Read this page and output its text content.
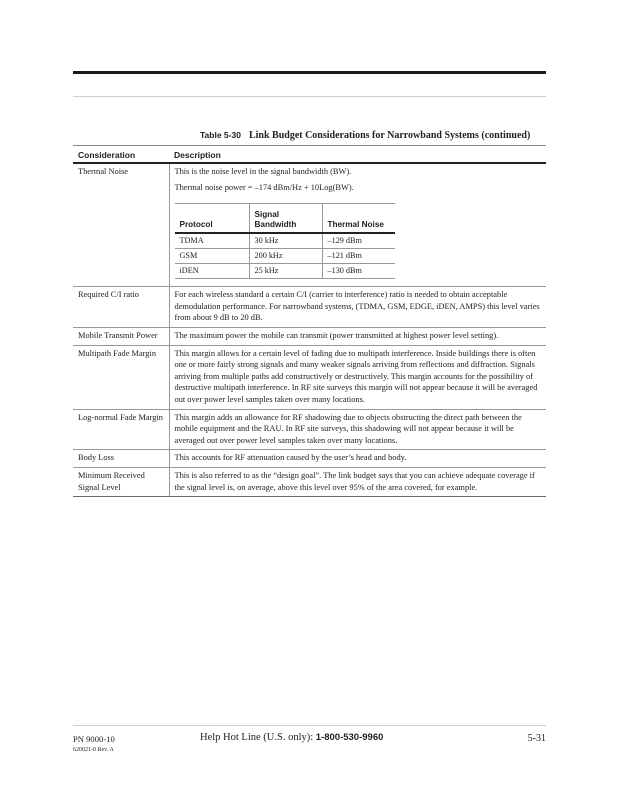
Table 5-30 Link Budget Considerations for Narrowband Systems (continued)
Consideration	Description
Thermal Noise	This is the noise level in the signal bandwidth (BW).
Thermal noise power = –174 dBm/Hz + 10Log(BW).
Protocol	Signal Bandwidth	Thermal Noise
TDMA	30 kHz	–129 dBm
GSM	200 kHz	–121 dBm
iDEN	25 kHz	–130 dBm

Required C/I ratio	For each wireless standard a certain C/I (carrier to interference) ratio is needed to obtain acceptable demodulation performance. For narrowband systems, (TDMA, GSM, EDGE, iDEN, AMPS) this level varies from about 9 dB to 20 dB.
Mobile Transmit Power	The maximum power the mobile can transmit (power transmitted at highest power level setting).
Multipath Fade Margin	This margin allows for a certain level of fading due to multipath interference. Inside buildings there is often one or more fairly strong signals and many weaker signals arriving from reflections and diffraction. Signals arriving from multiple paths add constructively or destructively. This margin accounts for the possibility of destructive multipath interference. In RF site surveys this margin will not appear because it will be averaged out over power level samples taken over many locations.
Log-normal Fade Margin	This margin adds an allowance for RF shadowing due to objects obstructing the direct path between the mobile equipment and the RAU. In RF site surveys, this shadowing will not appear because it will be averaged out over power level samples taken over many locations.
Body Loss	This accounts for RF attenuation caused by the user’s head and body.
Minimum Received Signal Level	This is also referred to as the “design goal”. The link budget says that you can achieve adequate coverage if the signal level is, on average, above this level over 95% of the area covered, for example.
PN 9000-10
620021-0 Rev. A
Help Hot Line (U.S. only): 1-800-530-9960	5-31
